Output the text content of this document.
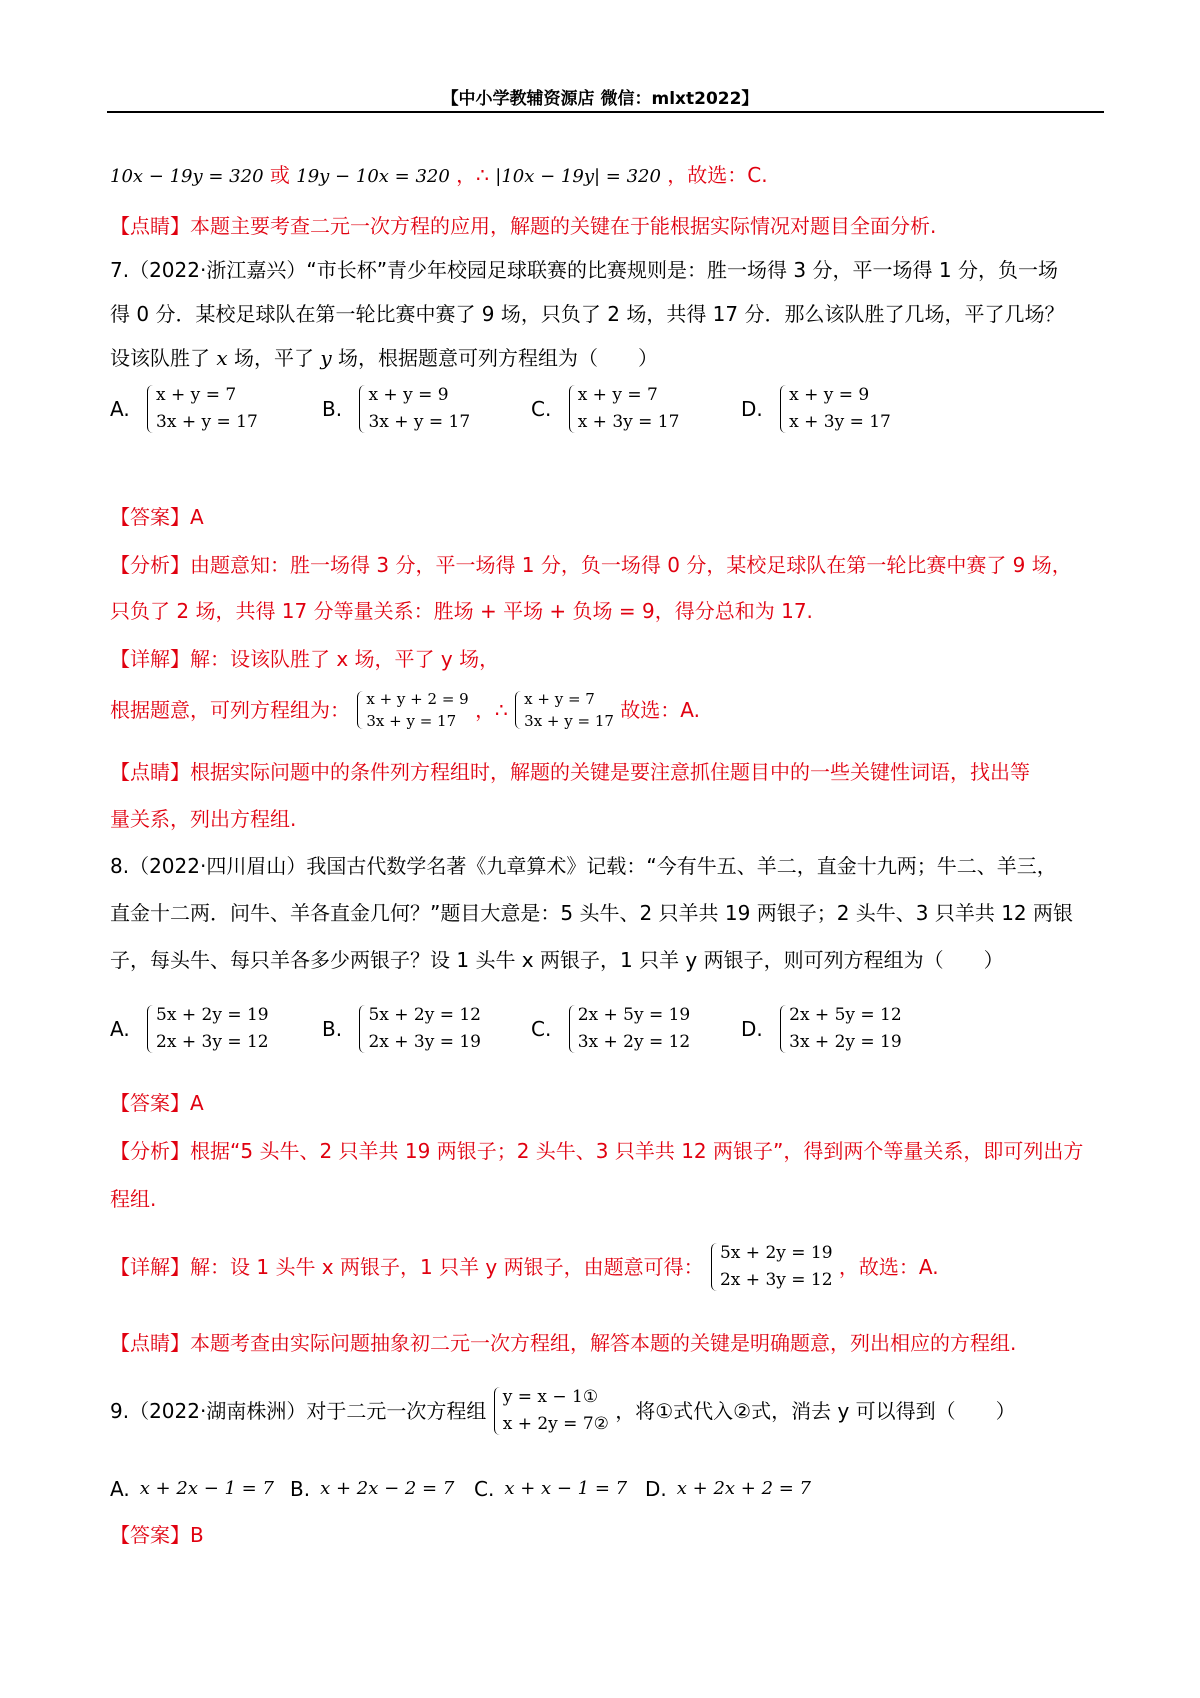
【中小学教辅资源店 微信：mlxt2022】
10x − 19y = 320 或 19y − 10x = 320 ，∴ |10x − 19y| = 320 ，故选：C.
【点睛】本题主要考查二元一次方程的应用，解题的关键在于能根据实际情况对题目全面分析.
7.（2022·浙江嘉兴）“市长杯”青少年校园足球联赛的比赛规则是：胜一场得 3 分，平一场得 1 分，负一场
得 0 分．某校足球队在第一轮比赛中赛了 9 场，只负了 2 场，共得 17 分．那么该队胜了几场，平了几场？
设该队胜了 x 场，平了 y 场，根据题意可列方程组为（　　）
A.
x + y = 7
3x + y = 17
B.
x + y = 9
3x + y = 17
C.
x + y = 7
x + 3y = 17
D.
x + y = 9
x + 3y = 17
【答案】A
【分析】由题意知：胜一场得 3 分，平一场得 1 分，负一场得 0 分，某校足球队在第一轮比赛中赛了 9 场，
只负了 2 场，共得 17 分等量关系：胜场 + 平场 + 负场 = 9，得分总和为 17.
【详解】解：设该队胜了 x 场，平了 y 场，
根据题意，可列方程组为： x + y + 2 = 9
3x + y = 17 ，∴ x + y = 7
3x + y = 17 故选：A.
【点睛】根据实际问题中的条件列方程组时，解题的关键是要注意抓住题目中的一些关键性词语，找出等
量关系，列出方程组.
8.（2022·四川眉山）我国古代数学名著《九章算术》记载：“今有牛五、羊二，直金十九两；牛二、羊三，
直金十二两．问牛、羊各直金几何？”题目大意是：5 头牛、2 只羊共 19 两银子；2 头牛、3 只羊共 12 两银
子，每头牛、每只羊各多少两银子？设 1 头牛 x 两银子，1 只羊 y 两银子，则可列方程组为（　　）
A.
5x + 2y = 19
2x + 3y = 12
B.
5x + 2y = 12
2x + 3y = 19
C.
2x + 5y = 19
3x + 2y = 12
D.
2x + 5y = 12
3x + 2y = 19
【答案】A
【分析】根据“5 头牛、2 只羊共 19 两银子；2 头牛、3 只羊共 12 两银子”，得到两个等量关系，即可列出方
程组.
【详解】解：设 1 头牛 x 两银子，1 只羊 y 两银子，由题意可得：
5x + 2y = 19
2x + 3y = 12
，故选：A.
【点睛】本题考查由实际问题抽象初二元一次方程组，解答本题的关键是明确题意，列出相应的方程组.
9.（2022·湖南株洲）对于二元一次方程组
y = x − 1①
x + 2y = 7②
，将①式代入②式，消去 y 可以得到（　　）
A. x + 2x − 1 = 7 B. x + 2x − 2 = 7 C. x + x − 1 = 7 D. x + 2x + 2 = 7
【答案】B
